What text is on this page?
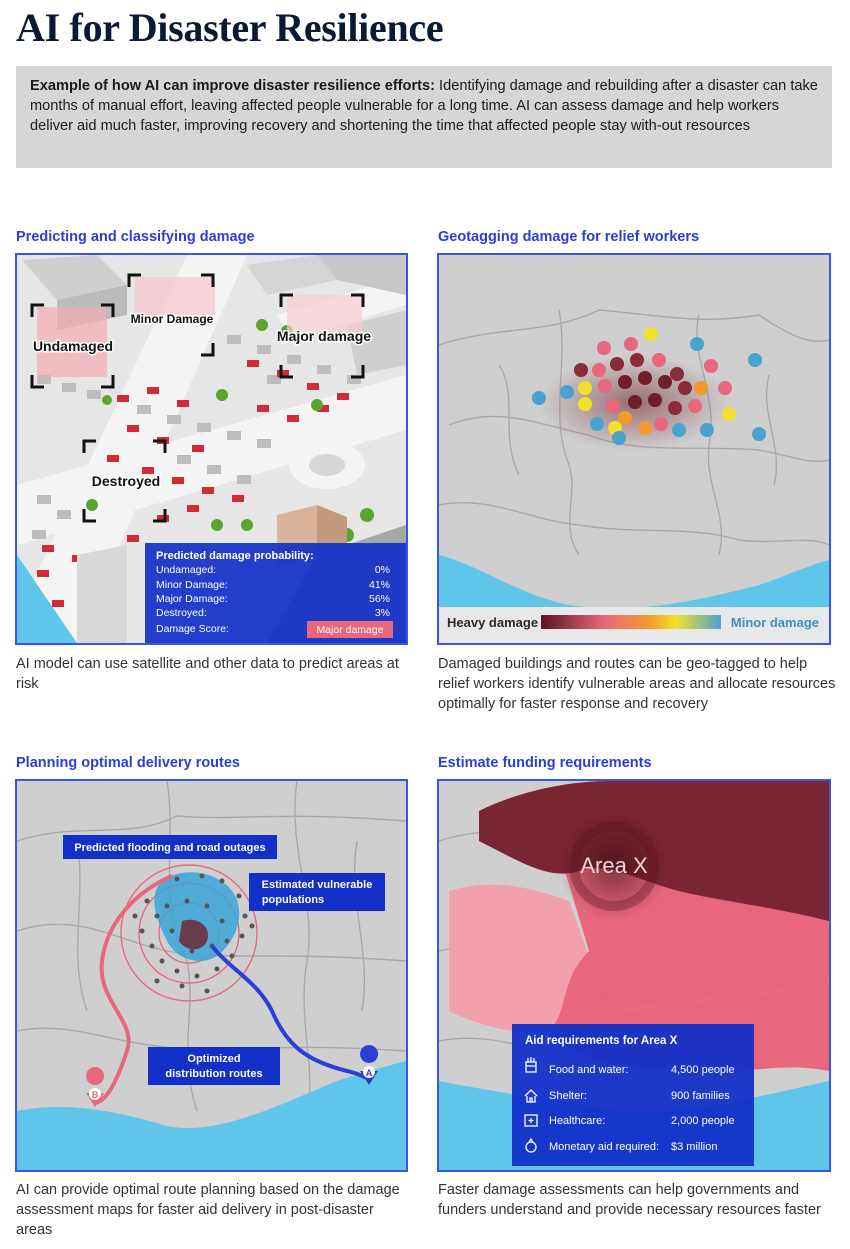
AI for Disaster Resilience
Example of how AI can improve disaster resilience efforts: Identifying damage and rebuilding after a disaster can take months of manual effort, leaving affected people vulnerable for a long time. AI can assess damage and help workers deliver aid much faster, improving recovery and shortening the time that affected people stay with-out resources
Predicting and classifying damage
Undamaged
Minor Damage
Major damage
Destroyed
Predicted damage probability:
Undamaged:	0%
Minor Damage:	41%
Major Damage:	56%
Destroyed:	3%
Damage Score:	Major damage
AI model can use satellite and other data to predict areas at risk
Geotagging damage for relief workers
Heavy damage	Minor damage
Damaged buildings and routes can be geo-tagged to help relief workers identify vulnerable areas and allocate resources optimally for faster response and recovery
Planning optimal delivery routes
A
B
Predicted flooding and road outages
Estimated vulnerable
populations
Optimized
distribution routes
AI can provide optimal route planning based on the damage assessment maps for faster aid delivery in post-disaster areas
Estimate funding requirements
Area X
Aid requirements for Area X
Food and water:	4,500 people
Shelter:	900 families
Healthcare:	2,000 people
Monetary aid required: $3 million
Faster damage assessments can help governments and funders understand and provide necessary resources faster
